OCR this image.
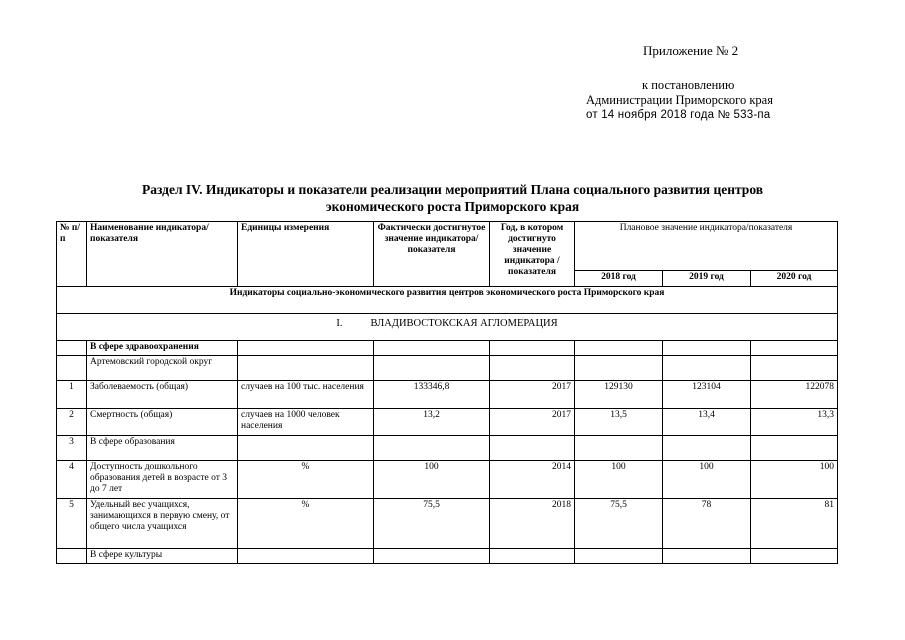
Приложение № 2
к постановлению
Администрации Приморского края
от 14 ноября 2018 года № 533-па
Раздел IV. Индикаторы и показатели реализации мероприятий Плана социального развития центров
экономического роста Приморского края
№ п/п	Наименование индикатора/ показателя	Единицы измерения	Фактически достигнутое значение индикатора/ показателя	Год, в котором достигнуто значение индикатора /показателя	Плановое значение индикатора/показателя		
					2018 год	2019 год	2020 год
Индикаторы социально-экономического развития центров экономического роста Приморского края							
I. ВЛАДИВОСТОКСКАЯ АГЛОМЕРАЦИЯ							
	В сфере здравоохранения						
	Артемовский городской округ						
1	Заболеваемость (общая)	случаев на 100 тыс. населения	133346,8	2017	129130	123104	122078
2	Смертность (общая)	случаев на 1000 человек населения	13,2	2017	13,5	13,4	13,3
3	В сфере образования						
4	Доступность дошкольного образования детей в возрасте от 3 до 7 лет	%	100	2014	100	100	100
5	Удельный вес учащихся, занимающихся в первую смену, от общего числа учащихся	%	75,5	2018	75,5	78	81
	В сфере культуры						
